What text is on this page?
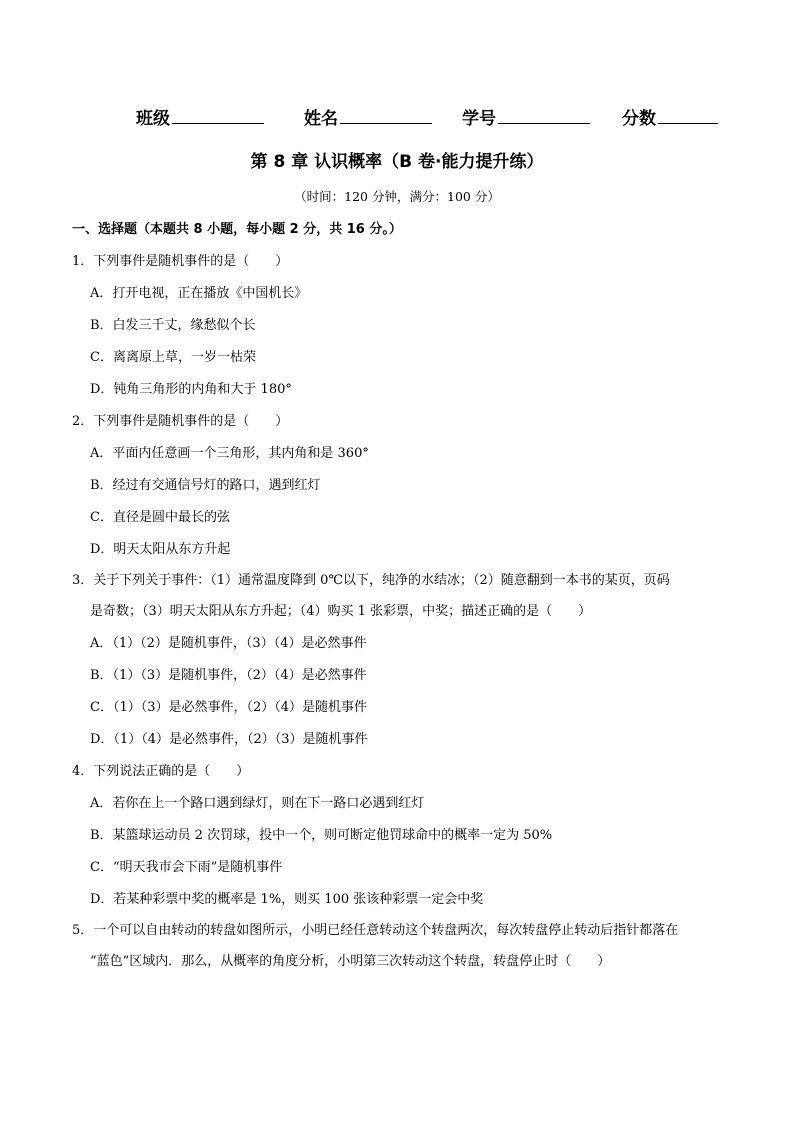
班级	姓名	学号	分数
第 8 章 认识概率（B 卷·能力提升练）
（时间：120 分钟，满分：100 分）
一、选择题（本题共 8 小题，每小题 2 分，共 16 分。）
1．下列事件是随机事件的是（　　）
A．打开电视，正在播放《中国机长》
B．白发三千丈，缘愁似个长
C．离离原上草，一岁一枯荣
D．钝角三角形的内角和大于 180°
2．下列事件是随机事件的是（　　）
A．平面内任意画一个三角形，其内角和是 360°
B．经过有交通信号灯的路口，遇到红灯
C．直径是圆中最长的弦
D．明天太阳从东方升起
3．关于下列关于事件：（1）通常温度降到 0℃以下，纯净的水结冰；（2）随意翻到一本书的某页，页码
是奇数；（3）明天太阳从东方升起；（4）购买 1 张彩票，中奖；描述正确的是（　　）
A．（1）（2）是随机事件，（3）（4）是必然事件
B．（1）（3）是随机事件，（2）（4）是必然事件
C．（1）（3）是必然事件，（2）（4）是随机事件
D．（1）（4）是必然事件，（2）（3）是随机事件
4．下列说法正确的是（　　）
A．若你在上一个路口遇到绿灯，则在下一路口必遇到红灯
B．某篮球运动员 2 次罚球，投中一个，则可断定他罚球命中的概率一定为 50%
C．“明天我市会下雨”是随机事件
D．若某种彩票中奖的概率是 1%，则买 100 张该种彩票一定会中奖
5．一个可以自由转动的转盘如图所示，小明已经任意转动这个转盘两次，每次转盘停止转动后指针都落在
“蓝色”区域内．那么，从概率的角度分析，小明第三次转动这个转盘，转盘停止时（　　）
